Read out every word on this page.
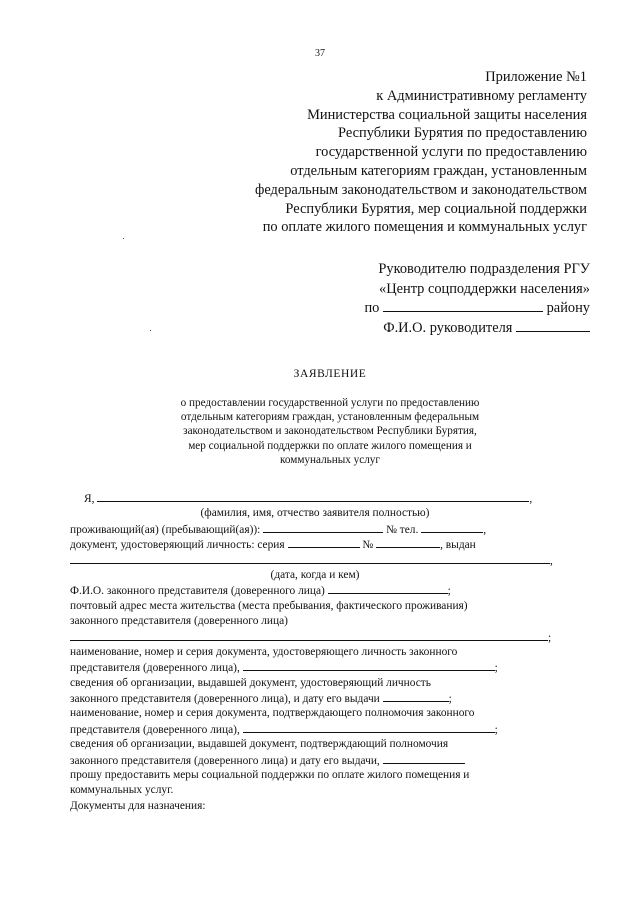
37
Приложение №1
к Административному регламенту
Министерства социальной защиты населения
Республики Бурятия по предоставлению
государственной услуги по предоставлению
отдельным категориям граждан, установленным
федеральным законодательством и законодательством
Республики Бурятия, мер социальной поддержки
по оплате жилого помещения и коммунальных услуг
Руководителю подразделения РГУ
«Центр соцподдержки населения»
по	району
Ф.И.О. руководителя
ЗАЯВЛЕНИЕ
о предоставлении государственной услуги по предоставлению
отдельным категориям граждан, установленным федеральным
законодательством и законодательством Республики Бурятия,
мер социальной поддержки по оплате жилого помещения и
коммунальных услуг
Я,	,
(фамилия, имя, отчество заявителя полностью)
проживающий(ая) (пребывающий(ая)):	№ тел.	,
документ, удостоверяющий личность: серия	№	, выдан
,
(дата, когда и кем)
Ф.И.О. законного представителя (доверенного лица)	;
почтовый адрес места жительства (места пребывания, фактического проживания)
законного представителя (доверенного лица)
;
наименование, номер и серия документа, удостоверяющего личность законного
представителя (доверенного лица),	;
сведения об организации, выдавшей документ, удостоверяющий личность
законного представителя (доверенного лица), и дату его выдачи	;
наименование, номер и серия документа, подтверждающего полномочия законного
представителя (доверенного лица),	;
сведения об организации, выдавшей документ, подтверждающий полномочия
законного представителя (доверенного лица) и дату его выдачи,
прошу предоставить меры социальной поддержки по оплате жилого помещения и
коммунальных услуг.
Документы для назначения:
